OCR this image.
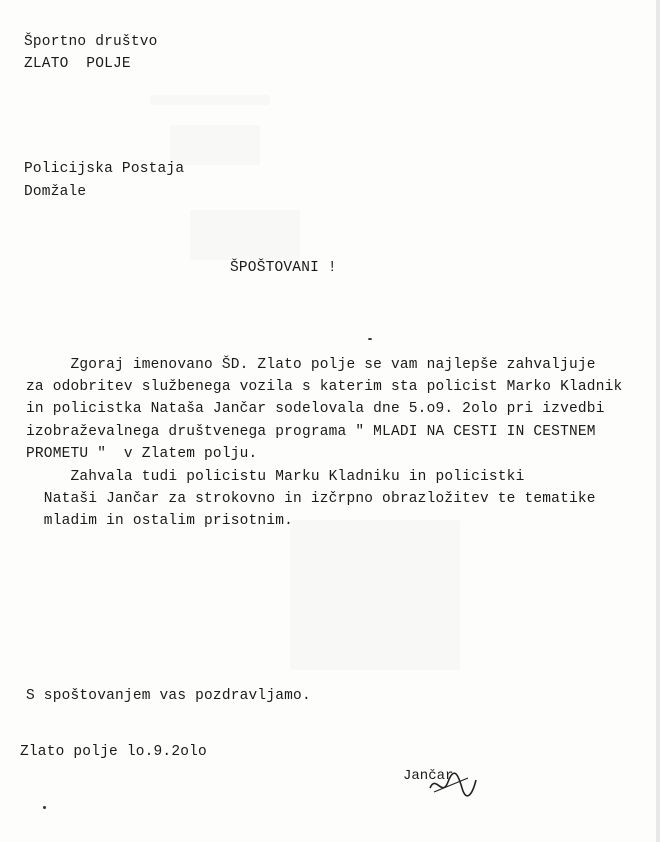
Športno društvo
ZLATO  POLJE
Policijska Postaja
Domžale
ŠPOŠTOVANI !
Zgoraj imenovano ŠD. Zlato polje se vam najlepše zahvaljuje
za odobritev službenega vozila s katerim sta policist Marko Kladnik
in policistka Nataša Jančar sodelovala dne 5.o9. 2olo pri izvedbi
izobraževalnega društvenega programa " MLADI NA CESTI IN CESTNEM
PROMETU "  v Zlatem polju.
Zahvala tudi policistu Marku Kladniku in policistki
Nataši Jančar za strokovno in izčrpno obrazložitev te tematike
mladim in ostalim prisotnim.
S spoštovanjem vas pozdravljamo.
Zlato polje lo.9.2olo
Jančar
